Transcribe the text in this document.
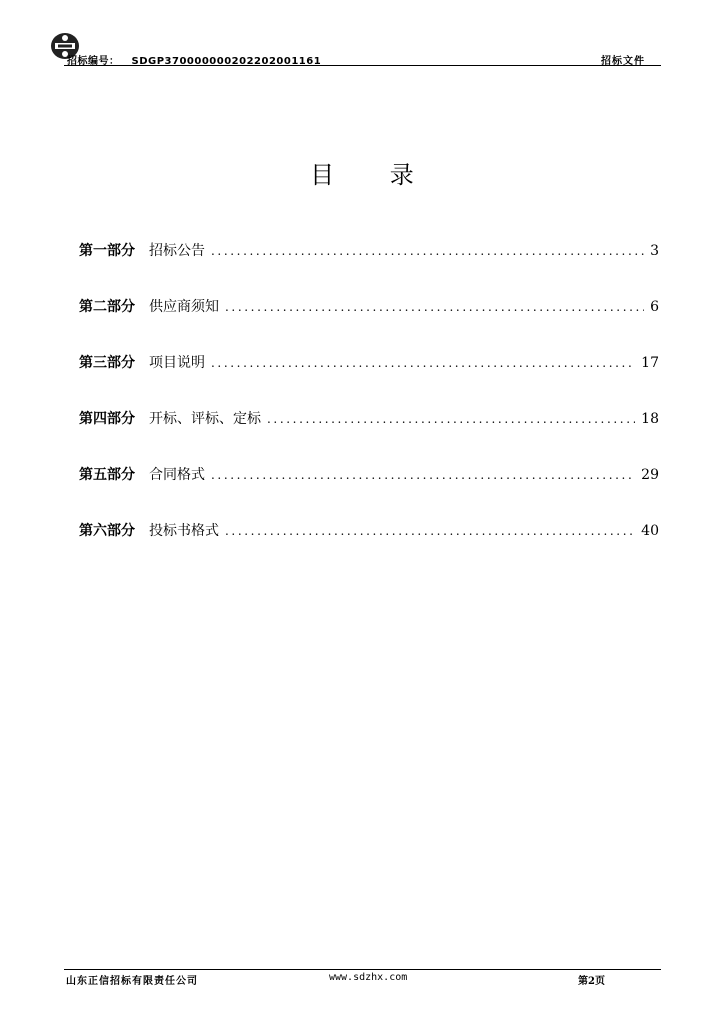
招标编号： SDGP370000000202202001161	招标文件
目 录
第一部分 招标公告 .....	3
第二部分 供应商须知 .....	6
第三部分 项目说明 .....	17
第四部分 开标、评标、定标 .....	18
第五部分 合同格式 .....	29
第六部分 投标书格式 .....	40
山东正信招标有限责任公司	www.sdzhx.com	第2页
